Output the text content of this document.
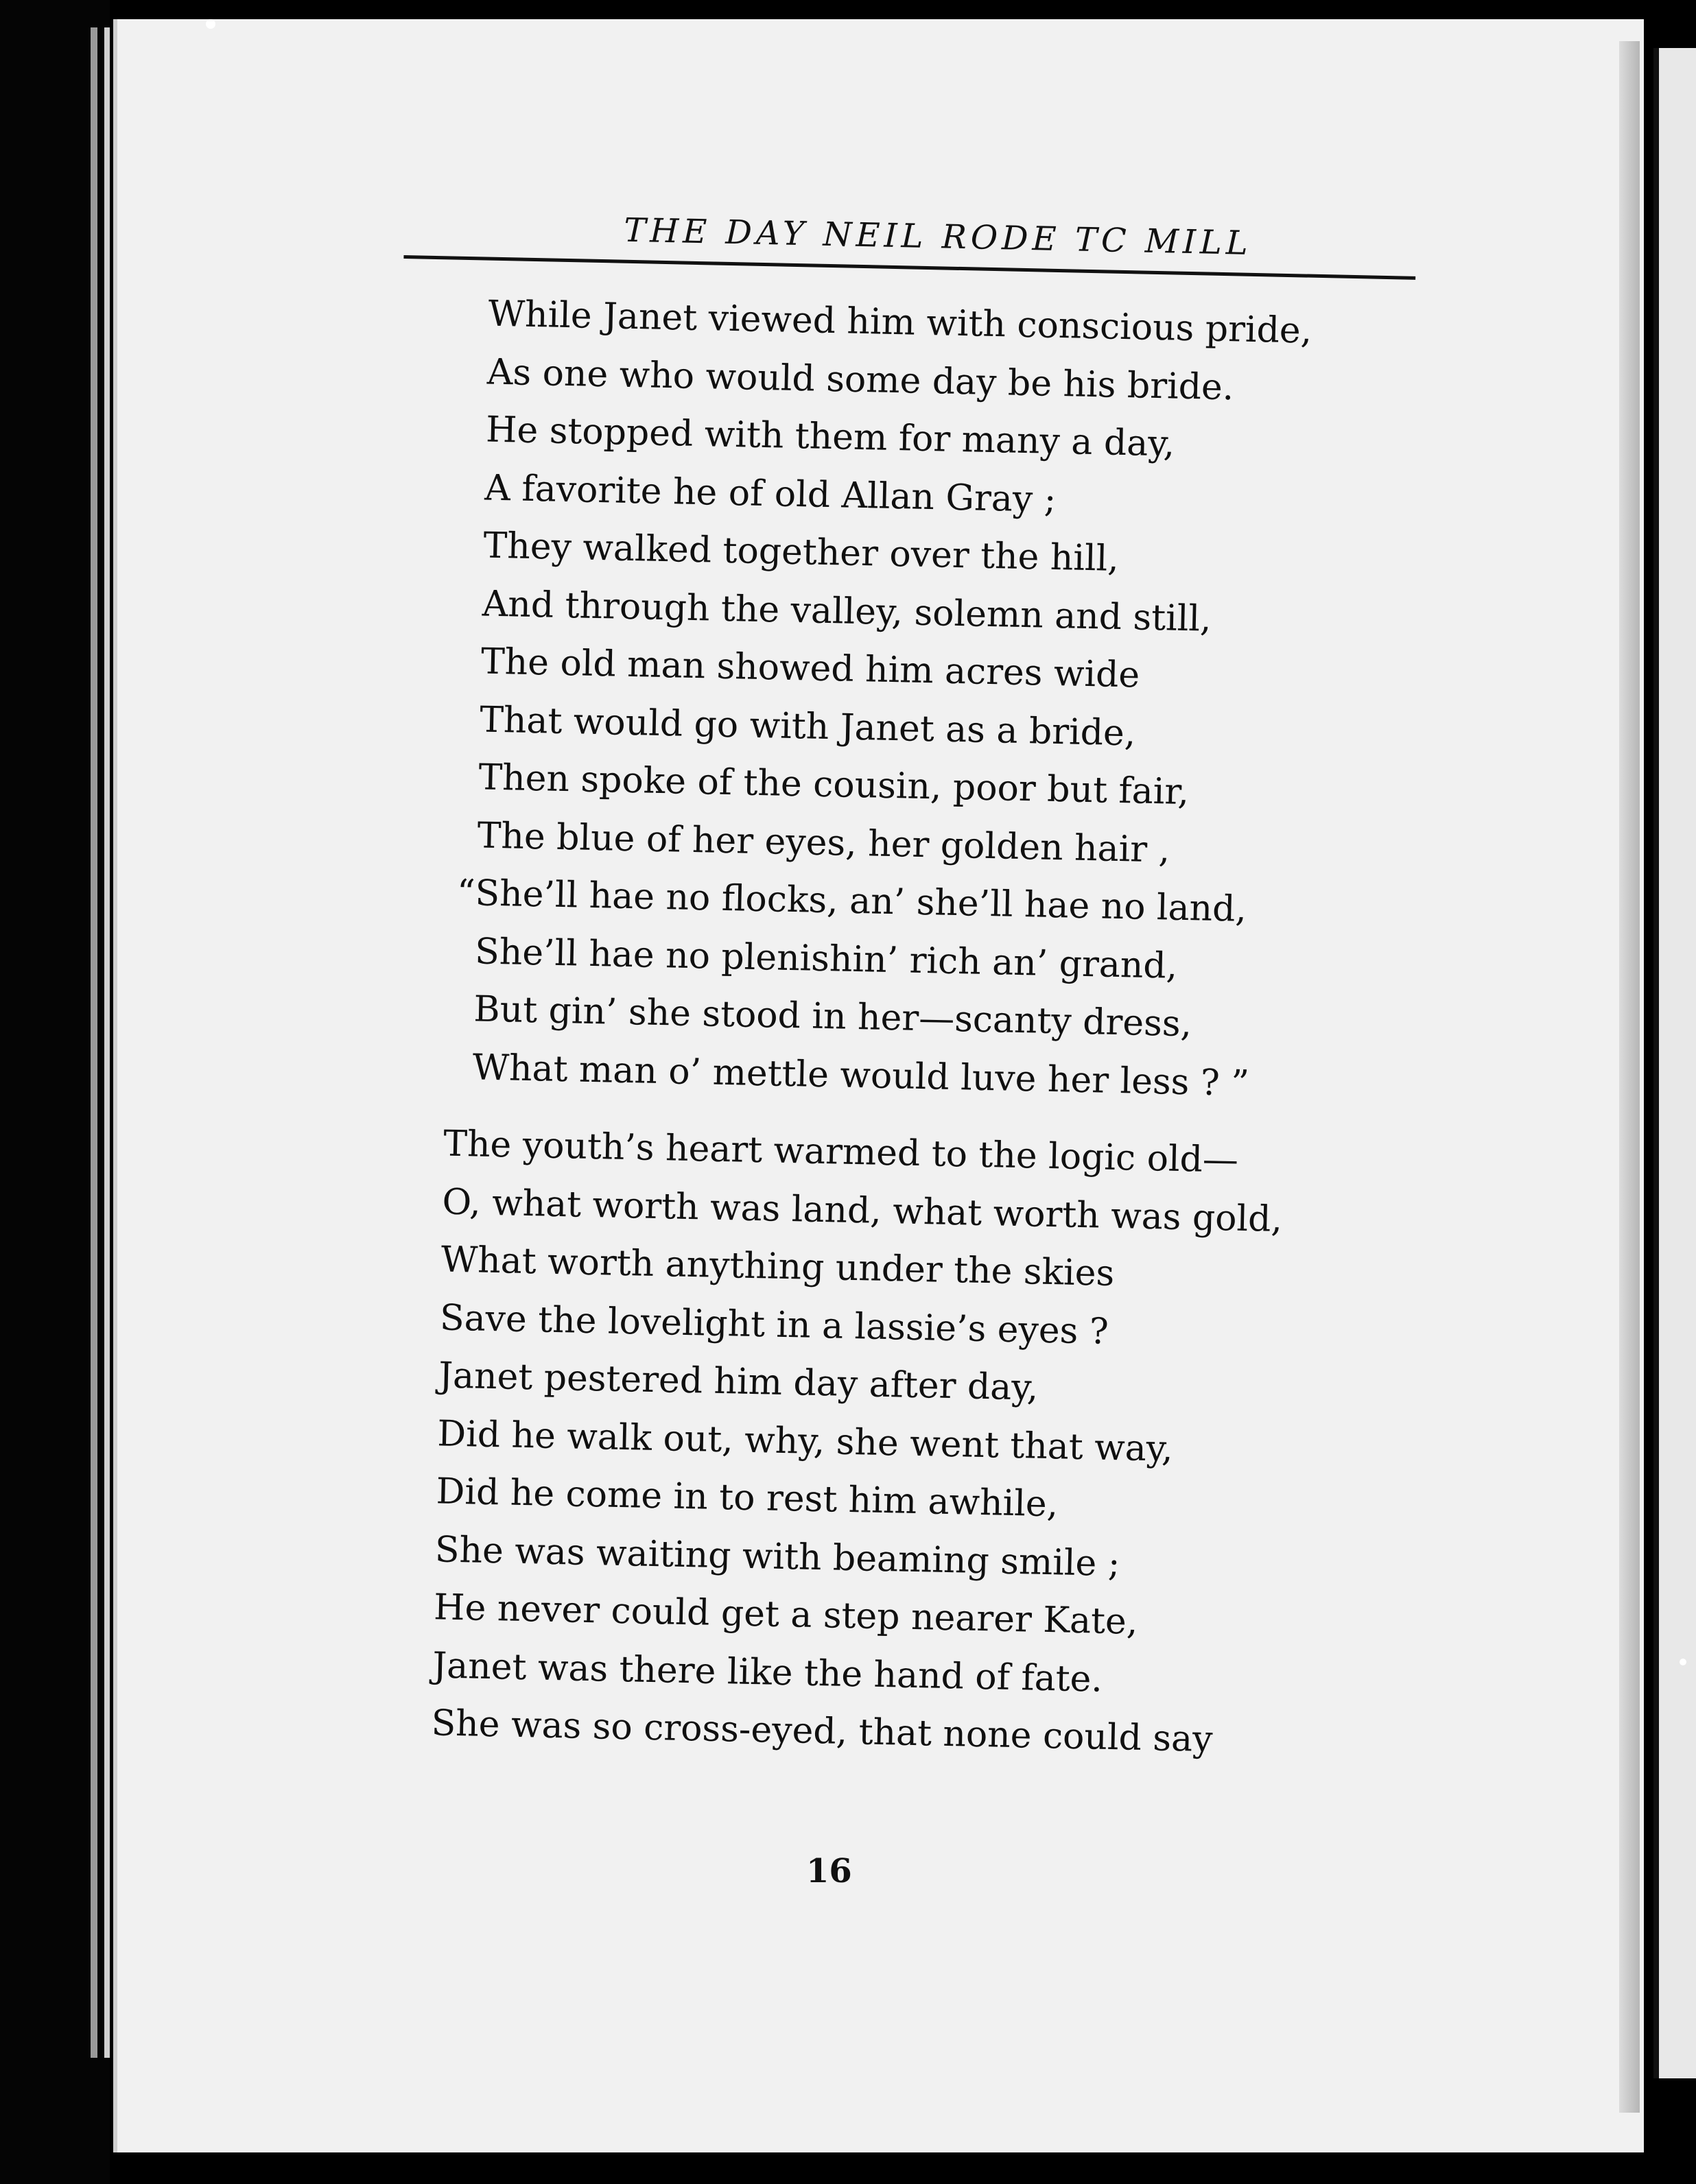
THE DAY NEIL RODE TC MILL
While Janet viewed him with conscious pride,
As one who would some day be his bride.
He stopped with them for many a day,
A favorite he of old Allan Gray ;
They walked together over the hill,
And through the valley, solemn and still,
The old man showed him acres wide
That would go with Janet as a bride,
Then spoke of the cousin, poor but fair,
The blue of her eyes, her golden hair ,
“She’ll hae no flocks, an’ she’ll hae no land,
She’ll hae no plenishin’ rich an’ grand,
But gin’ she stood in her—scanty dress,
What man o’ mettle would luve her less ? ”
The youth’s heart warmed to the logic old—
O, what worth was land, what worth was gold,
What worth anything under the skies
Save the lovelight in a lassie’s eyes ?
Janet pestered him day after day,
Did he walk out, why, she went that way,
Did he come in to rest him awhile,
She was waiting with beaming smile ;
He never could get a step nearer Kate,
Janet was there like the hand of fate.
She was so cross-eyed, that none could say
16
